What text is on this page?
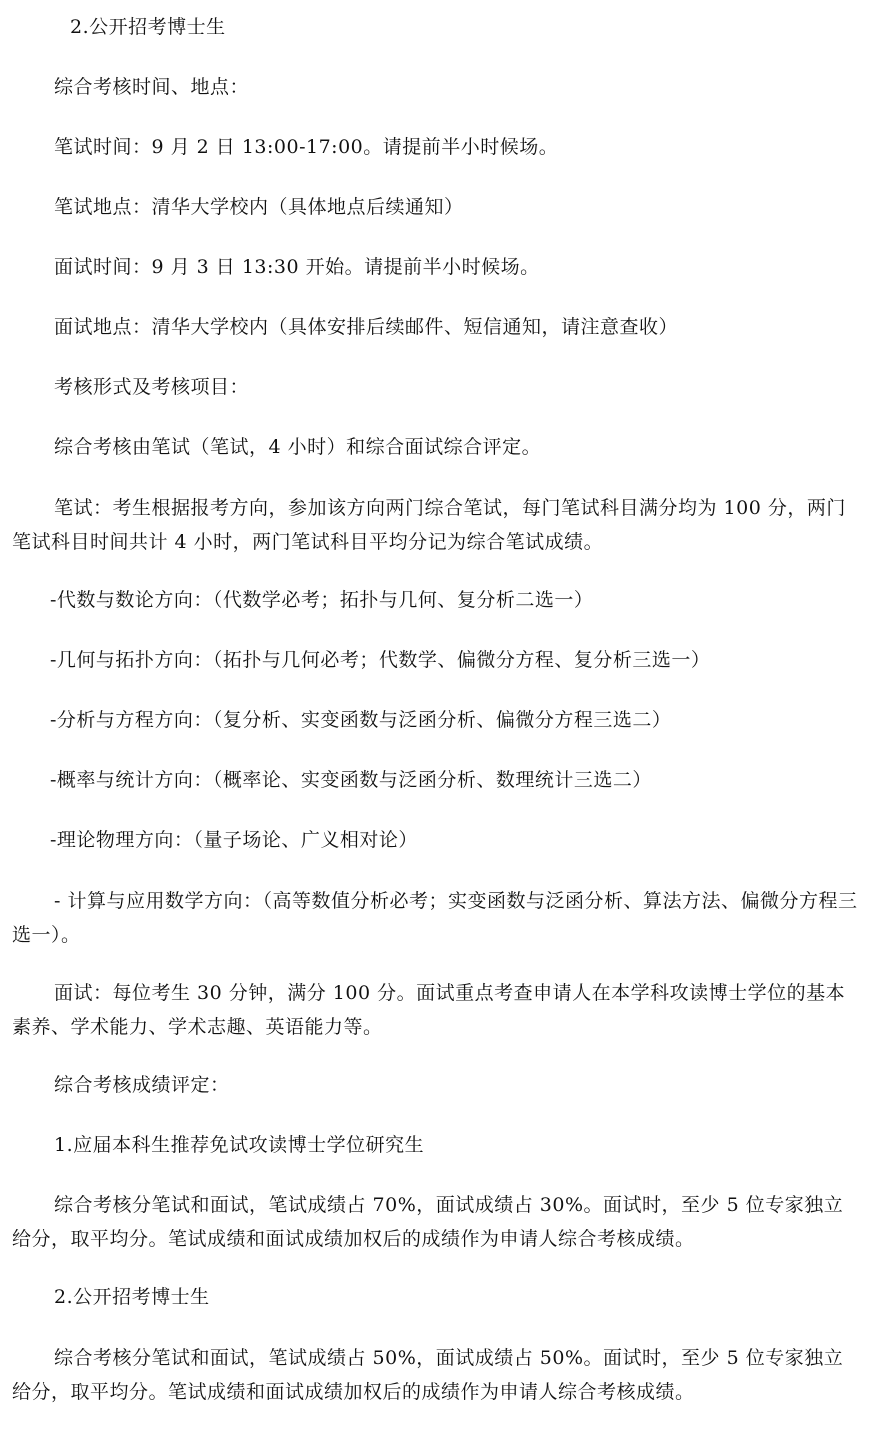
2.公开招考博士生

综合考核时间、地点：

笔试时间：9 月 2 日 13:00-17:00。请提前半小时候场。

笔试地点：清华大学校内（具体地点后续通知）

面试时间：9 月 3 日 13:30 开始。请提前半小时候场。

面试地点：清华大学校内（具体安排后续邮件、短信通知，请注意查收）

考核形式及考核项目：

综合考核由笔试（笔试，4 小时）和综合面试综合评定。

笔试：考生根据报考方向，参加该方向两门综合笔试，每门笔试科目满分均为 100 分，两门笔试科目时间共计 4 小时，两门笔试科目平均分记为综合笔试成绩。

-代数与数论方向：（代数学必考；拓扑与几何、复分析二选一）

-几何与拓扑方向：（拓扑与几何必考；代数学、偏微分方程、复分析三选一）

-分析与方程方向：（复分析、实变函数与泛函分析、偏微分方程三选二）

-概率与统计方向：（概率论、实变函数与泛函分析、数理统计三选二）

-理论物理方向：（量子场论、广义相对论）

- 计算与应用数学方向：（高等数值分析必考；实变函数与泛函分析、算法方法、偏微分方程三选一）。

面试：每位考生 30 分钟，满分 100 分。面试重点考查申请人在本学科攻读博士学位的基本素养、学术能力、学术志趣、英语能力等。

综合考核成绩评定：

1.应届本科生推荐免试攻读博士学位研究生

综合考核分笔试和面试，笔试成绩占 70%，面试成绩占 30%。面试时，至少 5 位专家独立给分，取平均分。笔试成绩和面试成绩加权后的成绩作为申请人综合考核成绩。

2.公开招考博士生

综合考核分笔试和面试，笔试成绩占 50%，面试成绩占 50%。面试时，至少 5 位专家独立给分，取平均分。笔试成绩和面试成绩加权后的成绩作为申请人综合考核成绩。
